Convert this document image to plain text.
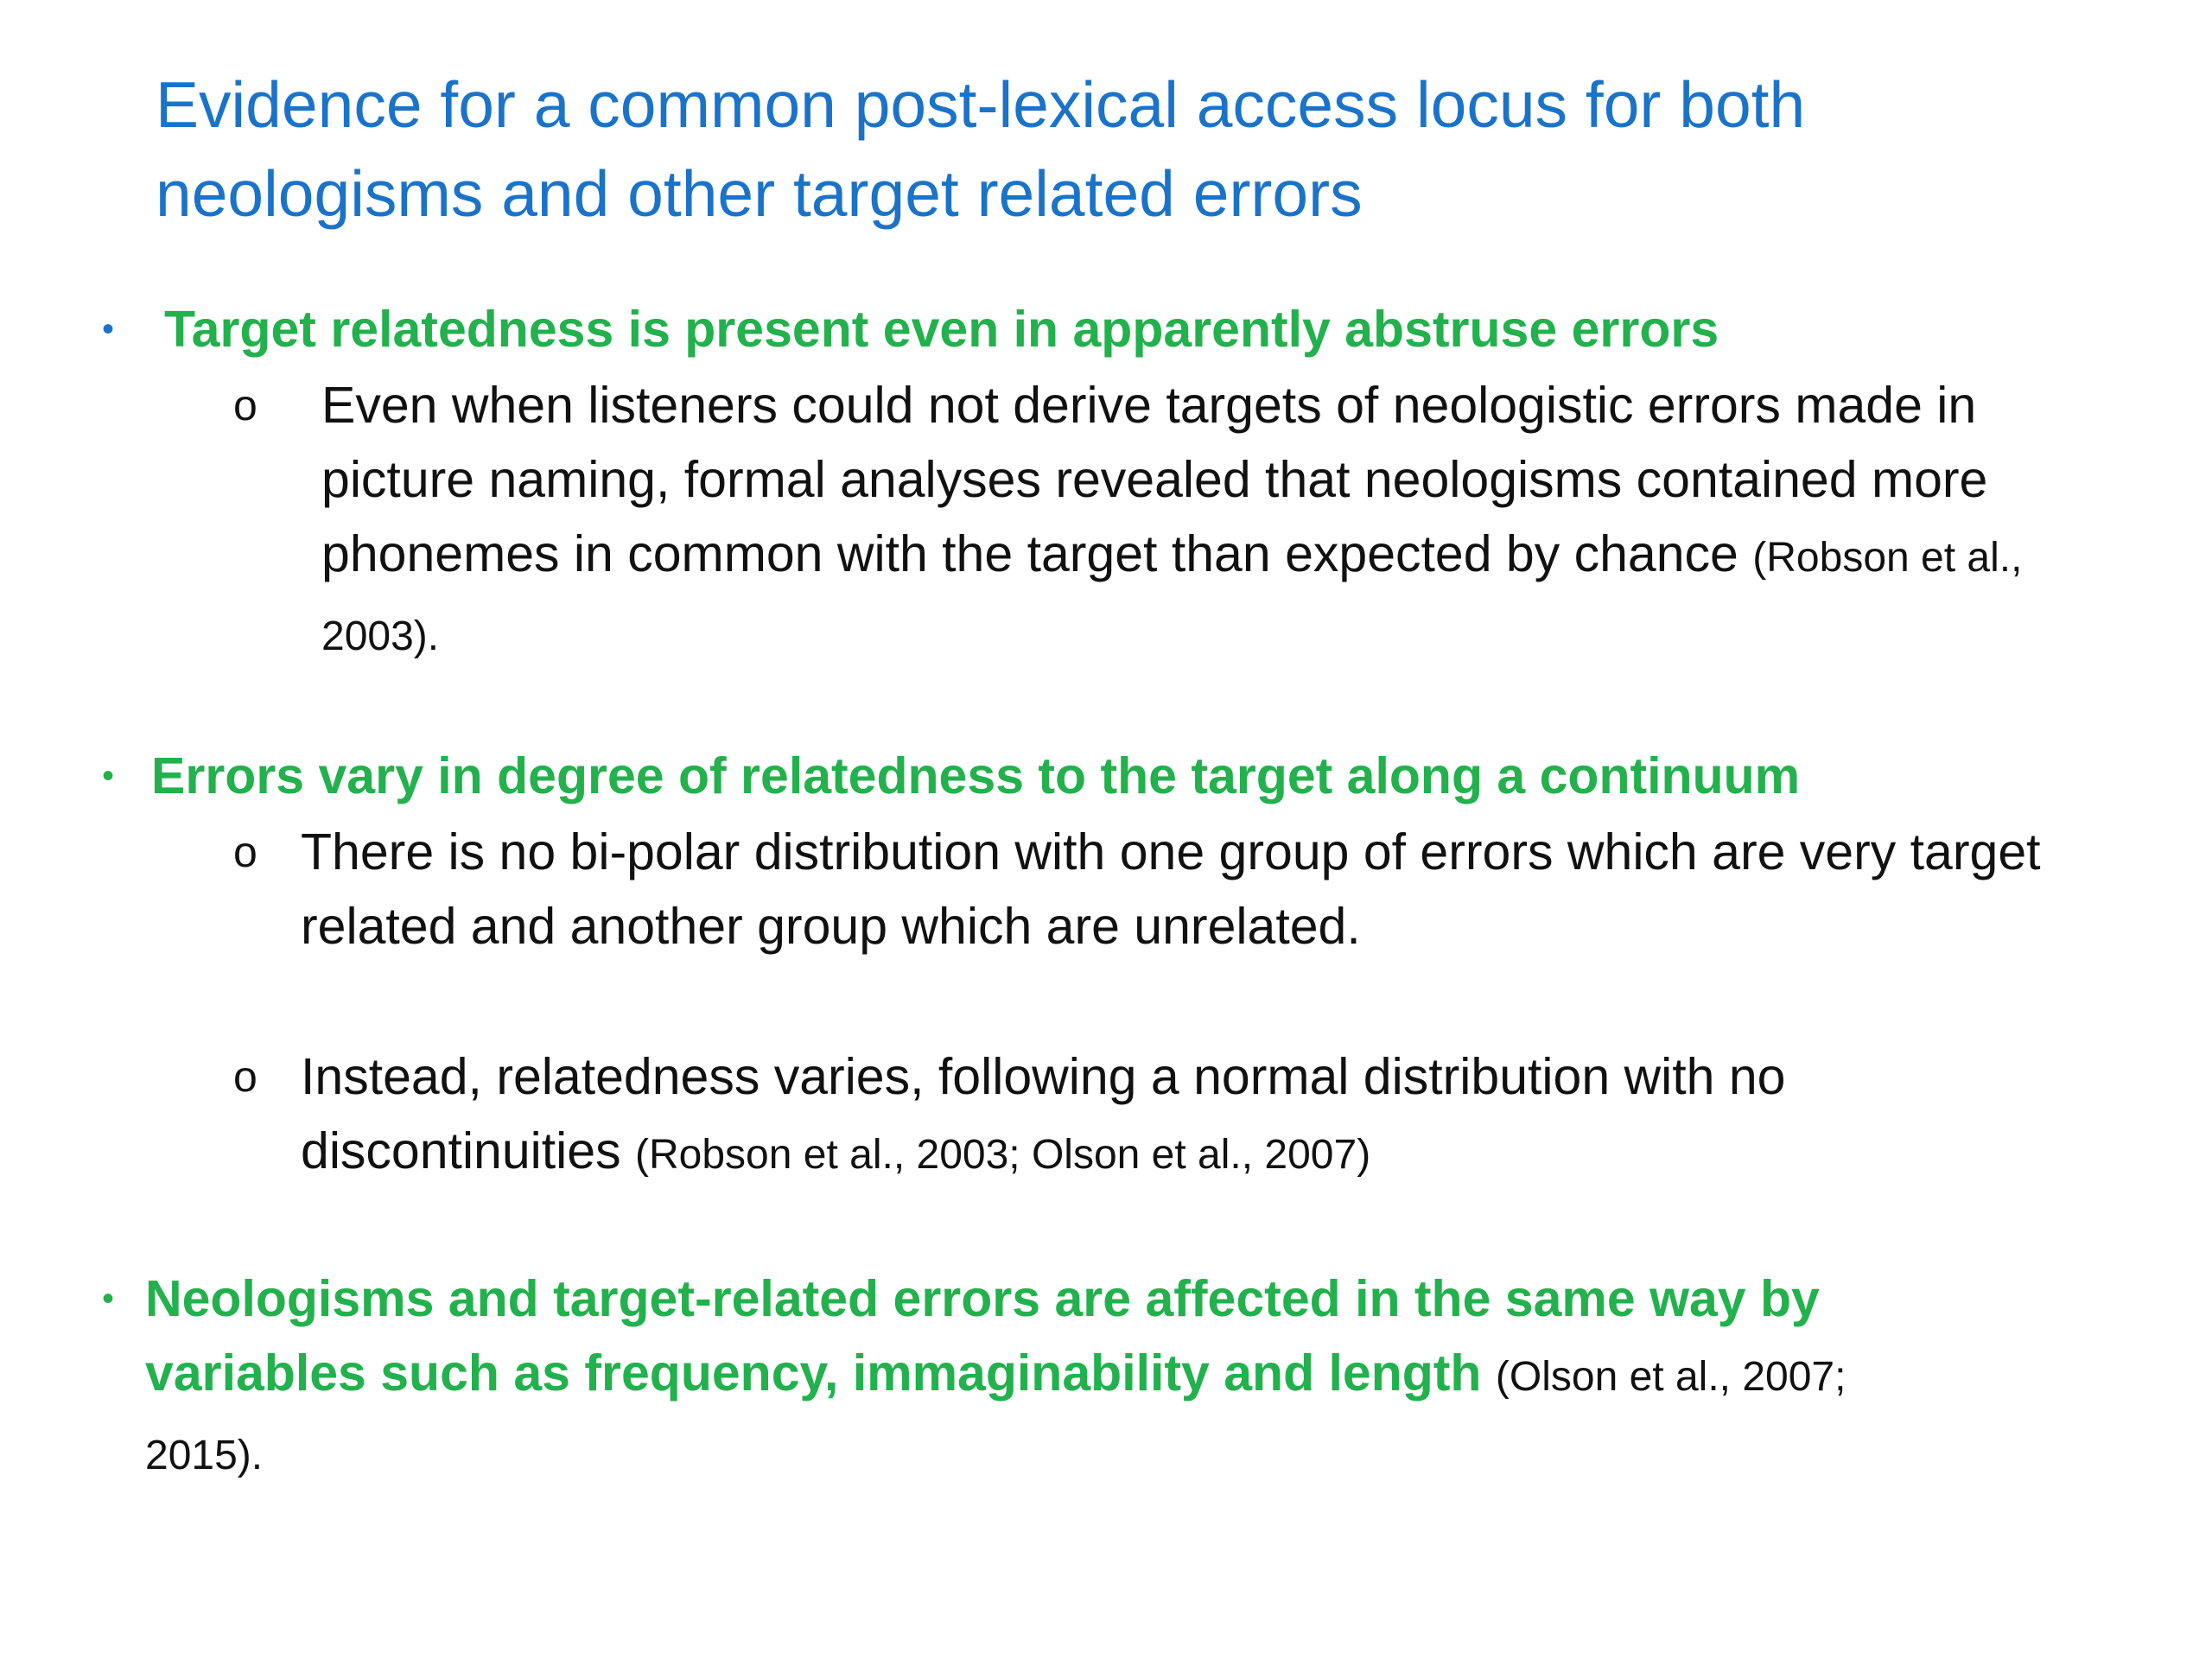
Evidence for a common post-lexical access locus for both neologisms and other target related errors
• Target relatedness is present even in apparently abstruse errors

o Even when listeners could not derive targets of neologistic errors made in picture naming, formal analyses revealed that neologisms contained more phonemes in common with the target than expected by chance (Robson et al., 2003).

• Errors vary in degree of relatedness to the target along a continuum

o There is no bi-polar distribution with one group of errors which are very target related and another group which are unrelated.

o Instead, relatedness varies, following a normal distribution with no discontinuities (Robson et al., 2003; Olson et al., 2007)

• Neologisms and target-related errors are affected in the same way by variables such as frequency, immaginability and length (Olson et al., 2007; 2015).
